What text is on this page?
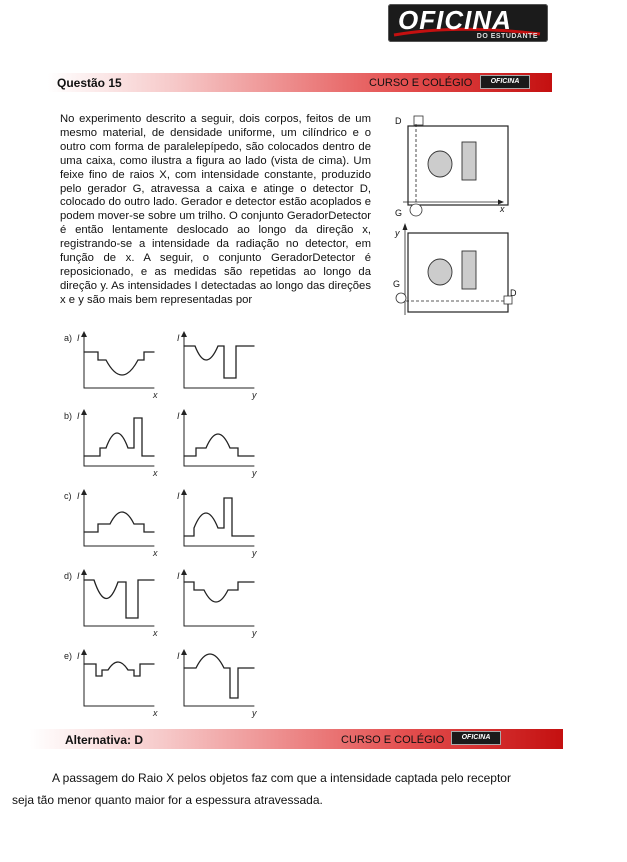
OFICINA
DO ESTUDANTE
Questão 15	CURSO E COLÉGIO	OFICINA
No experimento descrito a seguir, dois corpos, feitos de um mesmo material, de densidade uniforme, um cilíndrico e o outro com forma de paralelepípedo, são colocados dentro de uma caixa, como ilustra a figura ao lado (vista de cima). Um feixe fino de raios X, com intensidade constante, produzido pelo gerador G, atravessa a caixa e atinge o detector D, colocado do outro lado. Gerador e detector estão acoplados e podem mover-se sobre um trilho. O conjunto GeradorDetector é então lentamente deslocado ao longo da direção x, registrando-se a intensidade da radiação no detector, em função de x. A seguir, o conjunto GeradorDetector é reposicionado, e as medidas são repetidas ao longo da direção y. As intensidades I detectadas ao longo das direções x e y são mais bem representadas por
D
x
G
y
G
D
a) I
x
I
y
b) I
x
I
y
c) I
x
I
y
d) I
x
I
y
e) I
x
I
y
Alternativa: D	CURSO E COLÉGIO	OFICINA
A passagem do Raio X pelos objetos faz com que a intensidade captada pelo receptor
seja tão menor quanto maior for a espessura atravessada.
